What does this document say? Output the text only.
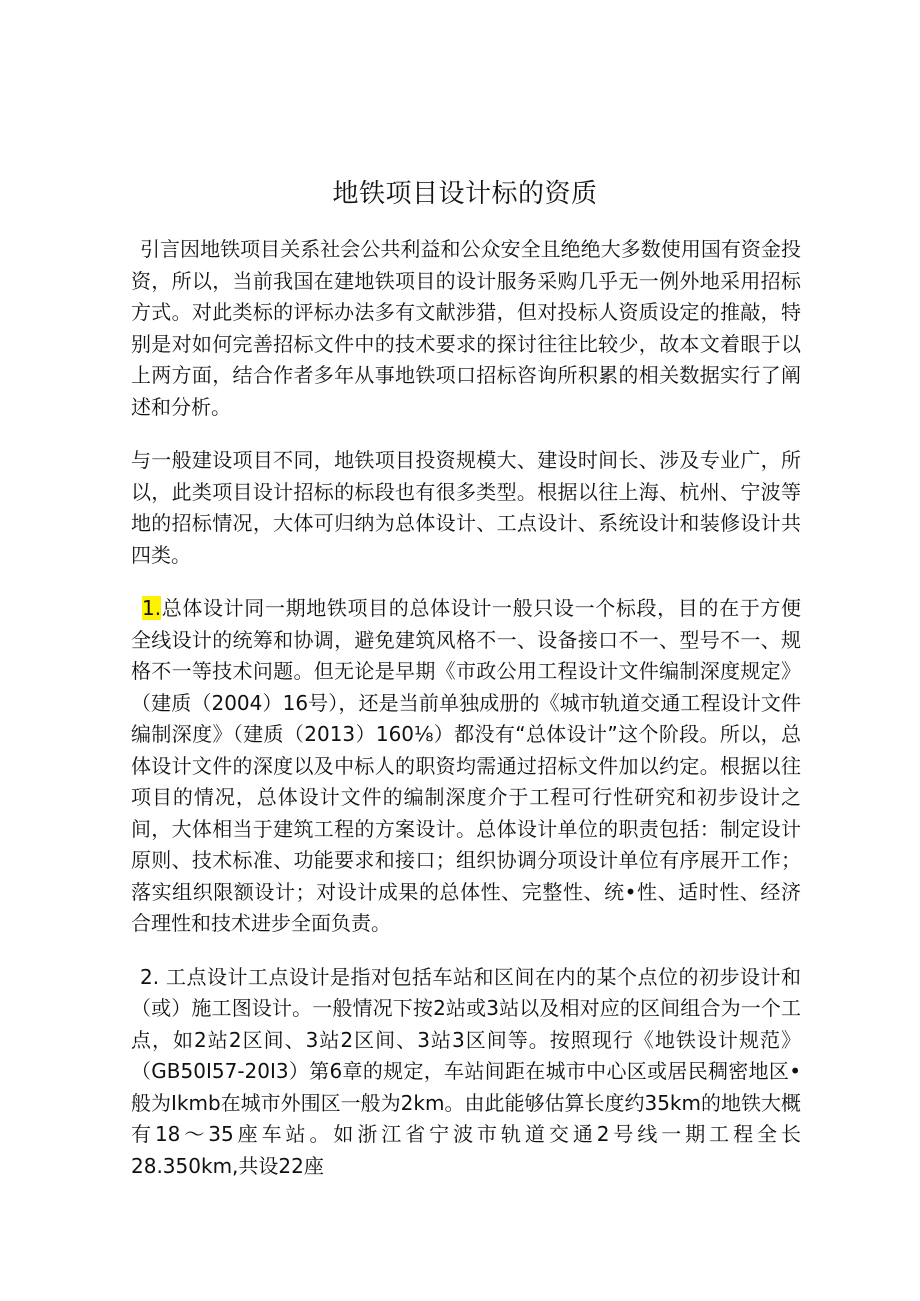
地铁项目设计标的资质

引言因地铁项目关系社会公共利益和公众安全且绝绝大多数使用国有资金投资，所以，当前我国在建地铁项目的设计服务采购几乎无一例外地采用招标方式。对此类标的评标办法多有文献涉猎，但对投标人资质设定的推敲，特别是对如何完善招标文件中的技术要求的探讨往往比较少，故本文着眼于以上两方面，结合作者多年从事地铁项口招标咨询所积累的相关数据实行了阐述和分析。

与一般建设项目不同，地铁项目投资规模大、建设时间长、涉及专业广，所以，此类项目设计招标的标段也有很多类型。根据以往上海、杭州、宁波等地的招标情况，大体可归纳为总体设计、工点设计、系统设计和装修设计共四类。

1.总体设计同一期地铁项目的总体设计一般只设一个标段，目的在于方便全线设计的统筹和协调，避免建筑风格不一、设备接口不一、型号不一、规格不一等技术问题。但无论是早期《市政公用工程设计文件编制深度规定》（建质（2004）16号），还是当前单独成册的《城市轨道交通工程设计文件编制深度》（建质（2013）160⅛）都没有“总体设计”这个阶段。所以，总体设计文件的深度以及中标人的职资均需通过招标文件加以约定。根据以往项目的情况，总体设计文件的编制深度介于工程可行性研究和初步设计之间，大体相当于建筑工程的方案设计。总体设计单位的职责包括：制定设计原则、技术标准、功能要求和接口；组织协调分项设计单位有序展开工作；落实组织限额设计；对设计成果的总体性、完整性、统•性、适时性、经济合理性和技术进步全面负责。

2. 工点设计工点设计是指对包括车站和区间在内的某个点位的初步设计和（或）施工图设计。一般情况下按2站或3站以及相对应的区间组合为一个工点，如2站2区间、3站2区间、3站3区间等。按照现行《地铁设计规范》（GB50I57-20I3）第6章的规定，车站间距在城市中心区或居民稠密地区•般为Ikmb在城市外围区一般为2km。由此能够估算长度约35km的地铁大概有18〜35座车站。如浙江省宁波市轨道交通2号线一期工程全长28.350km,共设22座
